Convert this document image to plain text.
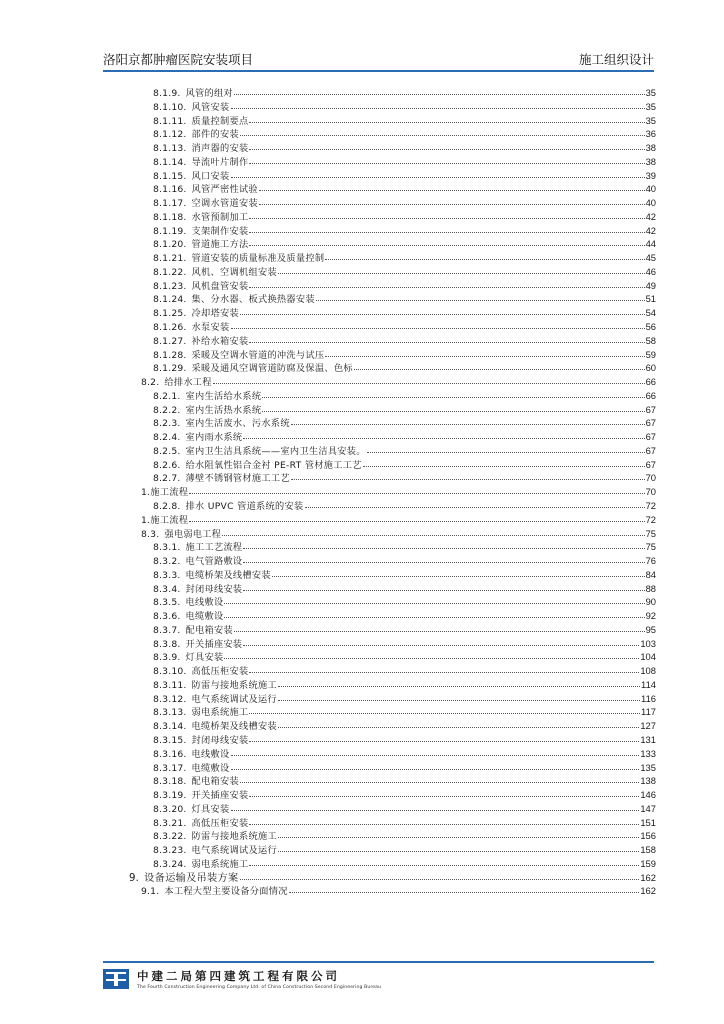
洛阳京都肿瘤医院安装项目	施工组织设计
8.1.9. 风管的组对	35
8.1.10. 风管安装	35
8.1.11. 质量控制要点	35
8.1.12. 部件的安装	36
8.1.13. 消声器的安装	38
8.1.14. 导流叶片制作	38
8.1.15. 风口安装	39
8.1.16. 风管严密性试验	40
8.1.17. 空调水管道安装	40
8.1.18. 水管预制加工	42
8.1.19. 支架制作安装	42
8.1.20. 管道施工方法	44
8.1.21. 管道安装的质量标准及质量控制	45
8.1.22. 风机、空调机组安装	46
8.1.23. 风机盘管安装	49
8.1.24. 集、分水器、板式换热器安装	51
8.1.25. 冷却塔安装	54
8.1.26. 水泵安装	56
8.1.27. 补给水箱安装	58
8.1.28. 采暖及空调水管道的冲洗与试压	59
8.1.29. 采暖及通风空调管道防腐及保温、色标	60
8.2. 给排水工程	66
8.2.1. 室内生活给水系统	66
8.2.2. 室内生活热水系统	67
8.2.3. 室内生活废水、污水系统	67
8.2.4. 室内雨水系统	67
8.2.5. 室内卫生洁具系统——室内卫生洁具安装。	67
8.2.6. 给水阻氧性铝合金衬 PE-RT 管材施工工艺	67
8.2.7. 薄壁不锈钢管材施工工艺	70
1.施工流程	70
8.2.8. 排水 UPVC 管道系统的安装	72
1.施工流程	72
8.3. 强电弱电工程	75
8.3.1. 施工工艺流程	75
8.3.2. 电气管路敷设	76
8.3.3. 电缆桥架及线槽安装	84
8.3.4. 封闭母线安装	88
8.3.5. 电线敷设	90
8.3.6. 电缆敷设	92
8.3.7. 配电箱安装	95
8.3.8. 开关插座安装	103
8.3.9. 灯具安装	104
8.3.10. 高低压柜安装	108
8.3.11. 防雷与接地系统施工	114
8.3.12. 电气系统调试及运行	116
8.3.13. 弱电系统施工	117
8.3.14. 电缆桥架及线槽安装	127
8.3.15. 封闭母线安装	131
8.3.16. 电线敷设	133
8.3.17. 电缆敷设	135
8.3.18. 配电箱安装	138
8.3.19. 开关插座安装	146
8.3.20. 灯具安装	147
8.3.21. 高低压柜安装	151
8.3.22. 防雷与接地系统施工	156
8.3.23. 电气系统调试及运行	158
8.3.24. 弱电系统施工	159
9. 设备运输及吊装方案	162
9.1. 本工程大型主要设备分面情况	162
中建二局第四建筑工程有限公司
The Fourth Construction Engineering Company Ltd. of China Construction Second Engineering Bureau
